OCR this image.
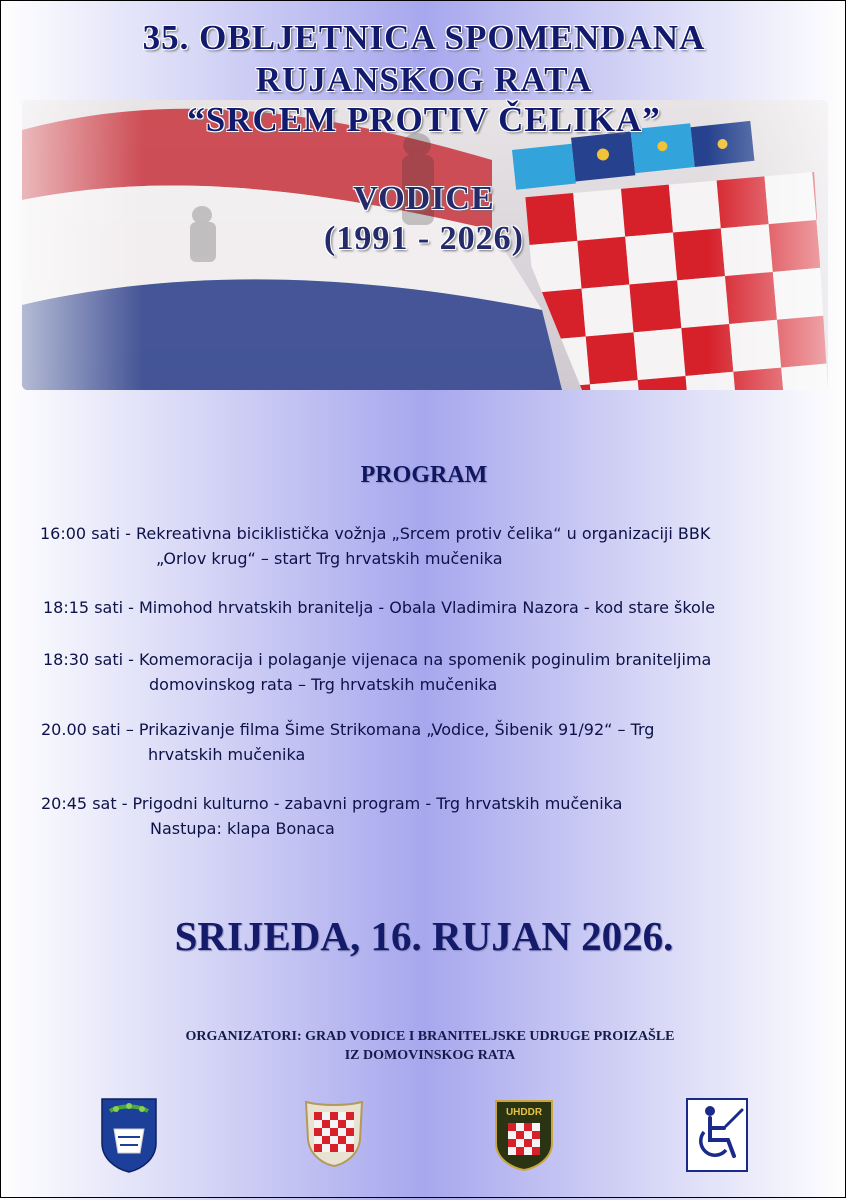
35. OBLJETNICA SPOMENDANA
RUJANSKOG RATA
“SRCEM PROTIV ČELIKA”
VODICE
(1991 - 2026)
PROGRAM
16:00 sati - Rekreativna biciklistička vožnja „Srcem protiv čelika“ u organizaciji BBK
„Orlov krug“ – start Trg hrvatskih mučenika
18:15 sati - Mimohod hrvatskih branitelja - Obala Vladimira Nazora - kod stare škole
18:30 sati - Komemoracija i polaganje vijenaca na spomenik poginulim braniteljima
domovinskog rata – Trg hrvatskih mučenika
20.00 sati – Prikazivanje filma Šime Strikomana „Vodice, Šibenik 91/92“ – Trg
hrvatskih mučenika
20:45 sat - Prigodni kulturno - zabavni program - Trg hrvatskih mučenika
Nastupa: klapa Bonaca
SRIJEDA, 16. RUJAN 2026.
ORGANIZATORI: GRAD VODICE I BRANITELJSKE UDRUGE PROIZAŠLE
IZ DOMOVINSKOG RATA
UHDDR
